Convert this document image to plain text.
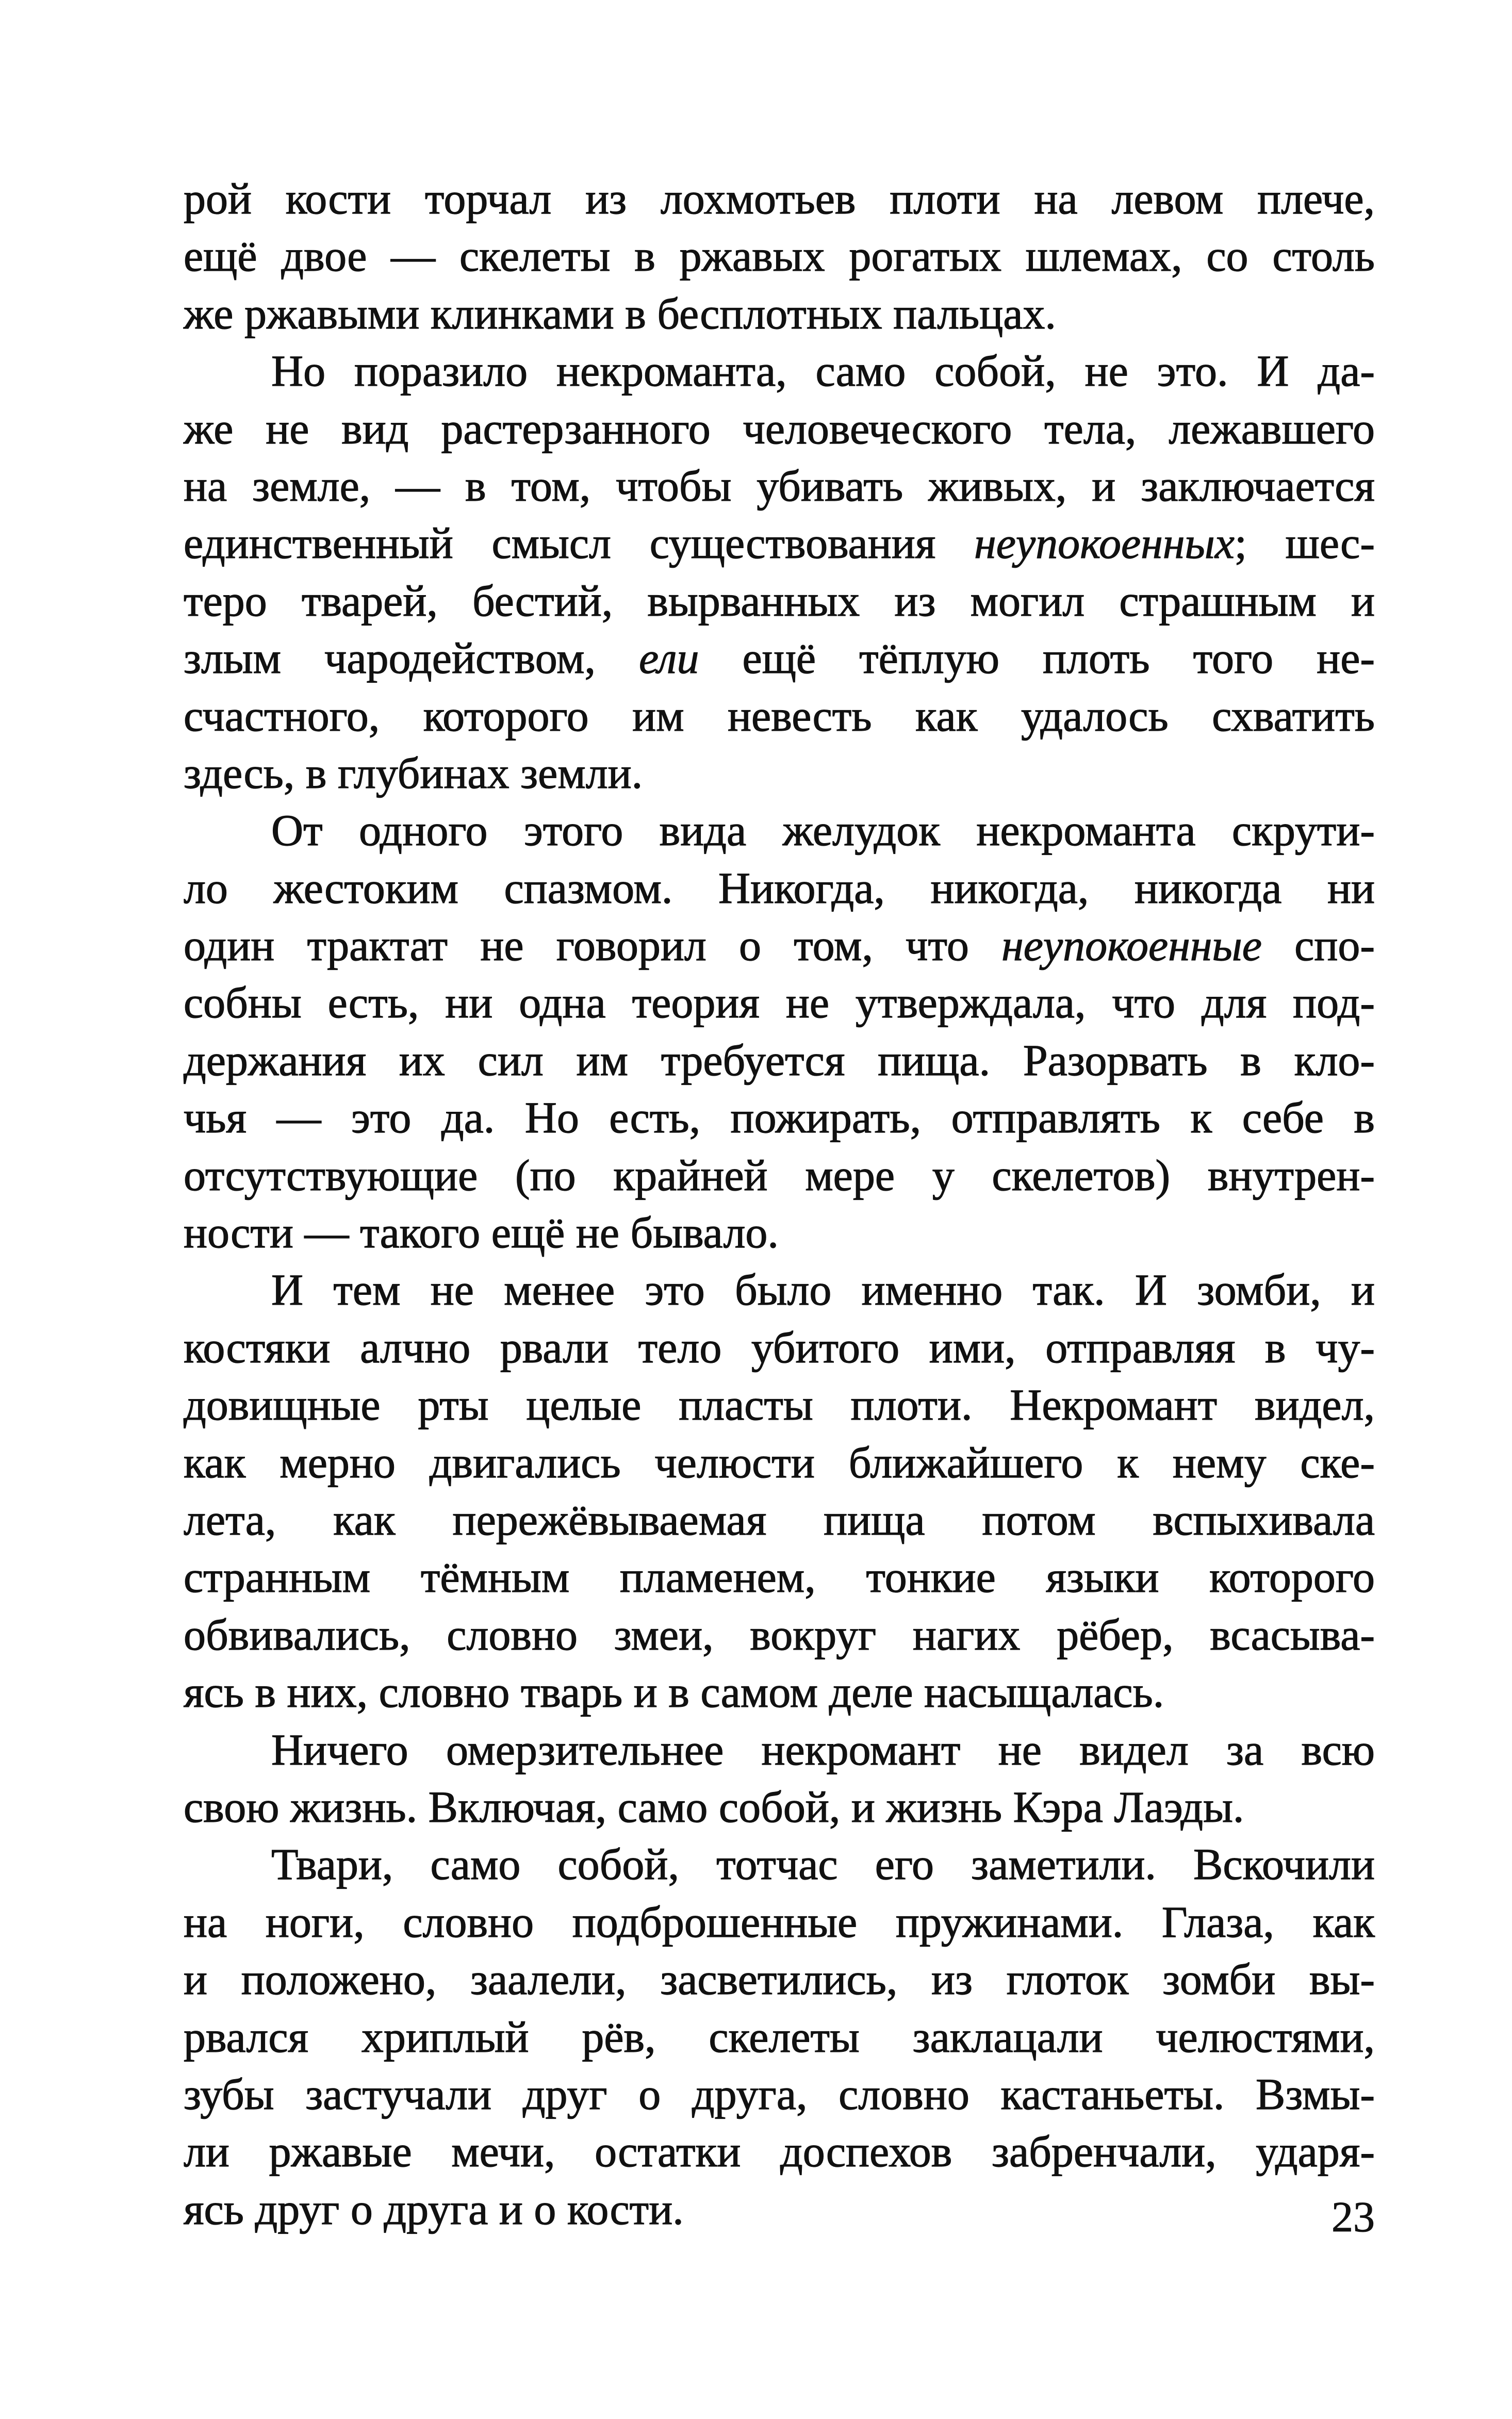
рой кости торчал из лохмотьев плоти на левом плече,
ещё двое — скелеты в ржавых рогатых шлемах, со столь
же ржавыми клинками в бесплотных пальцах.
Но поразило некроманта, само собой, не это. И да-
же не вид растерзанного человеческого тела, лежавшего
на земле, — в том, чтобы убивать живых, и заключается
единственный смысл существования неупокоенных; шес-
теро тварей, бестий, вырванных из могил страшным и
злым чародейством, ели ещё тёплую плоть того не-
счастного, которого им невесть как удалось схватить
здесь, в глубинах земли.
От одного этого вида желудок некроманта скрути-
ло жестоким спазмом. Никогда, никогда, никогда ни
один трактат не говорил о том, что неупокоенные спо-
собны есть, ни одна теория не утверждала, что для под-
держания их сил им требуется пища. Разорвать в кло-
чья — это да. Но есть, пожирать, отправлять к себе в
отсутствующие (по крайней мере у скелетов) внутрен-
ности — такого ещё не бывало.
И тем не менее это было именно так. И зомби, и
костяки алчно рвали тело убитого ими, отправляя в чу-
довищные рты целые пласты плоти. Некромант видел,
как мерно двигались челюсти ближайшего к нему ске-
лета, как пережёвываемая пища потом вспыхивала
странным тёмным пламенем, тонкие языки которого
обвивались, словно змеи, вокруг нагих рёбер, всасыва-
ясь в них, словно тварь и в самом деле насыщалась.
Ничего омерзительнее некромант не видел за всю
свою жизнь. Включая, само собой, и жизнь Кэра Лаэды.
Твари, само собой, тотчас его заметили. Вскочили
на ноги, словно подброшенные пружинами. Глаза, как
и положено, заалели, засветились, из глоток зомби вы-
рвался хриплый рёв, скелеты заклацали челюстями,
зубы застучали друг о друга, словно кастаньеты. Взмы-
ли ржавые мечи, остатки доспехов забренчали, ударя-
ясь друг о друга и о кости.	23
